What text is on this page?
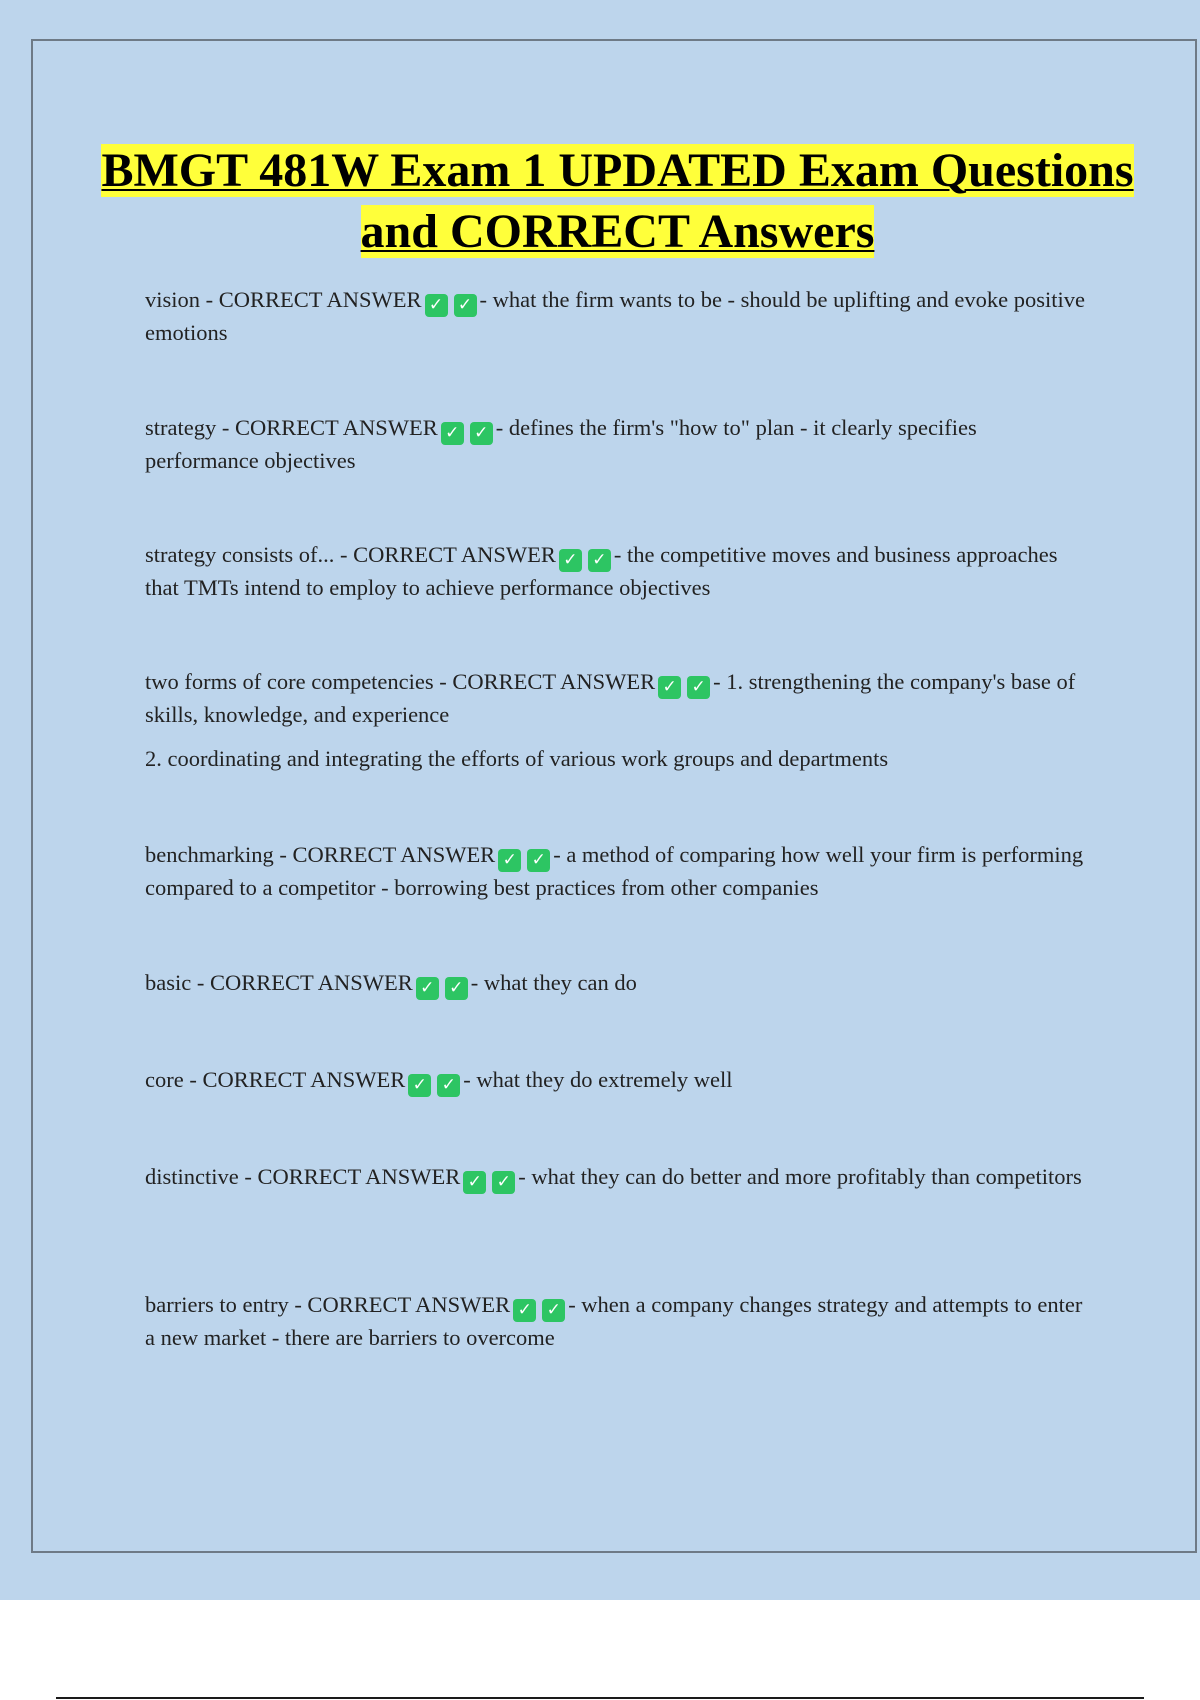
BMGT 481W Exam 1 UPDATED Exam Questions and CORRECT Answers

vision - CORRECT ANSWER ✓ ✓ - what the firm wants to be - should be uplifting and evoke positive emotions

strategy - CORRECT ANSWER ✓ ✓ - defines the firm's "how to" plan - it clearly specifies performance objectives

strategy consists of... - CORRECT ANSWER ✓ ✓ - the competitive moves and business approaches that TMTs intend to employ to achieve performance objectives

two forms of core competencies - CORRECT ANSWER ✓ ✓ - 1. strengthening the company's base of skills, knowledge, and experience

2. coordinating and integrating the efforts of various work groups and departments

benchmarking - CORRECT ANSWER ✓ ✓ - a method of comparing how well your firm is performing compared to a competitor - borrowing best practices from other companies

basic - CORRECT ANSWER ✓ ✓ - what they can do

core - CORRECT ANSWER ✓ ✓ - what they do extremely well

distinctive - CORRECT ANSWER ✓ ✓ - what they can do better and more profitably than competitors

barriers to entry - CORRECT ANSWER ✓ ✓ - when a company changes strategy and attempts to enter a new market - there are barriers to overcome
